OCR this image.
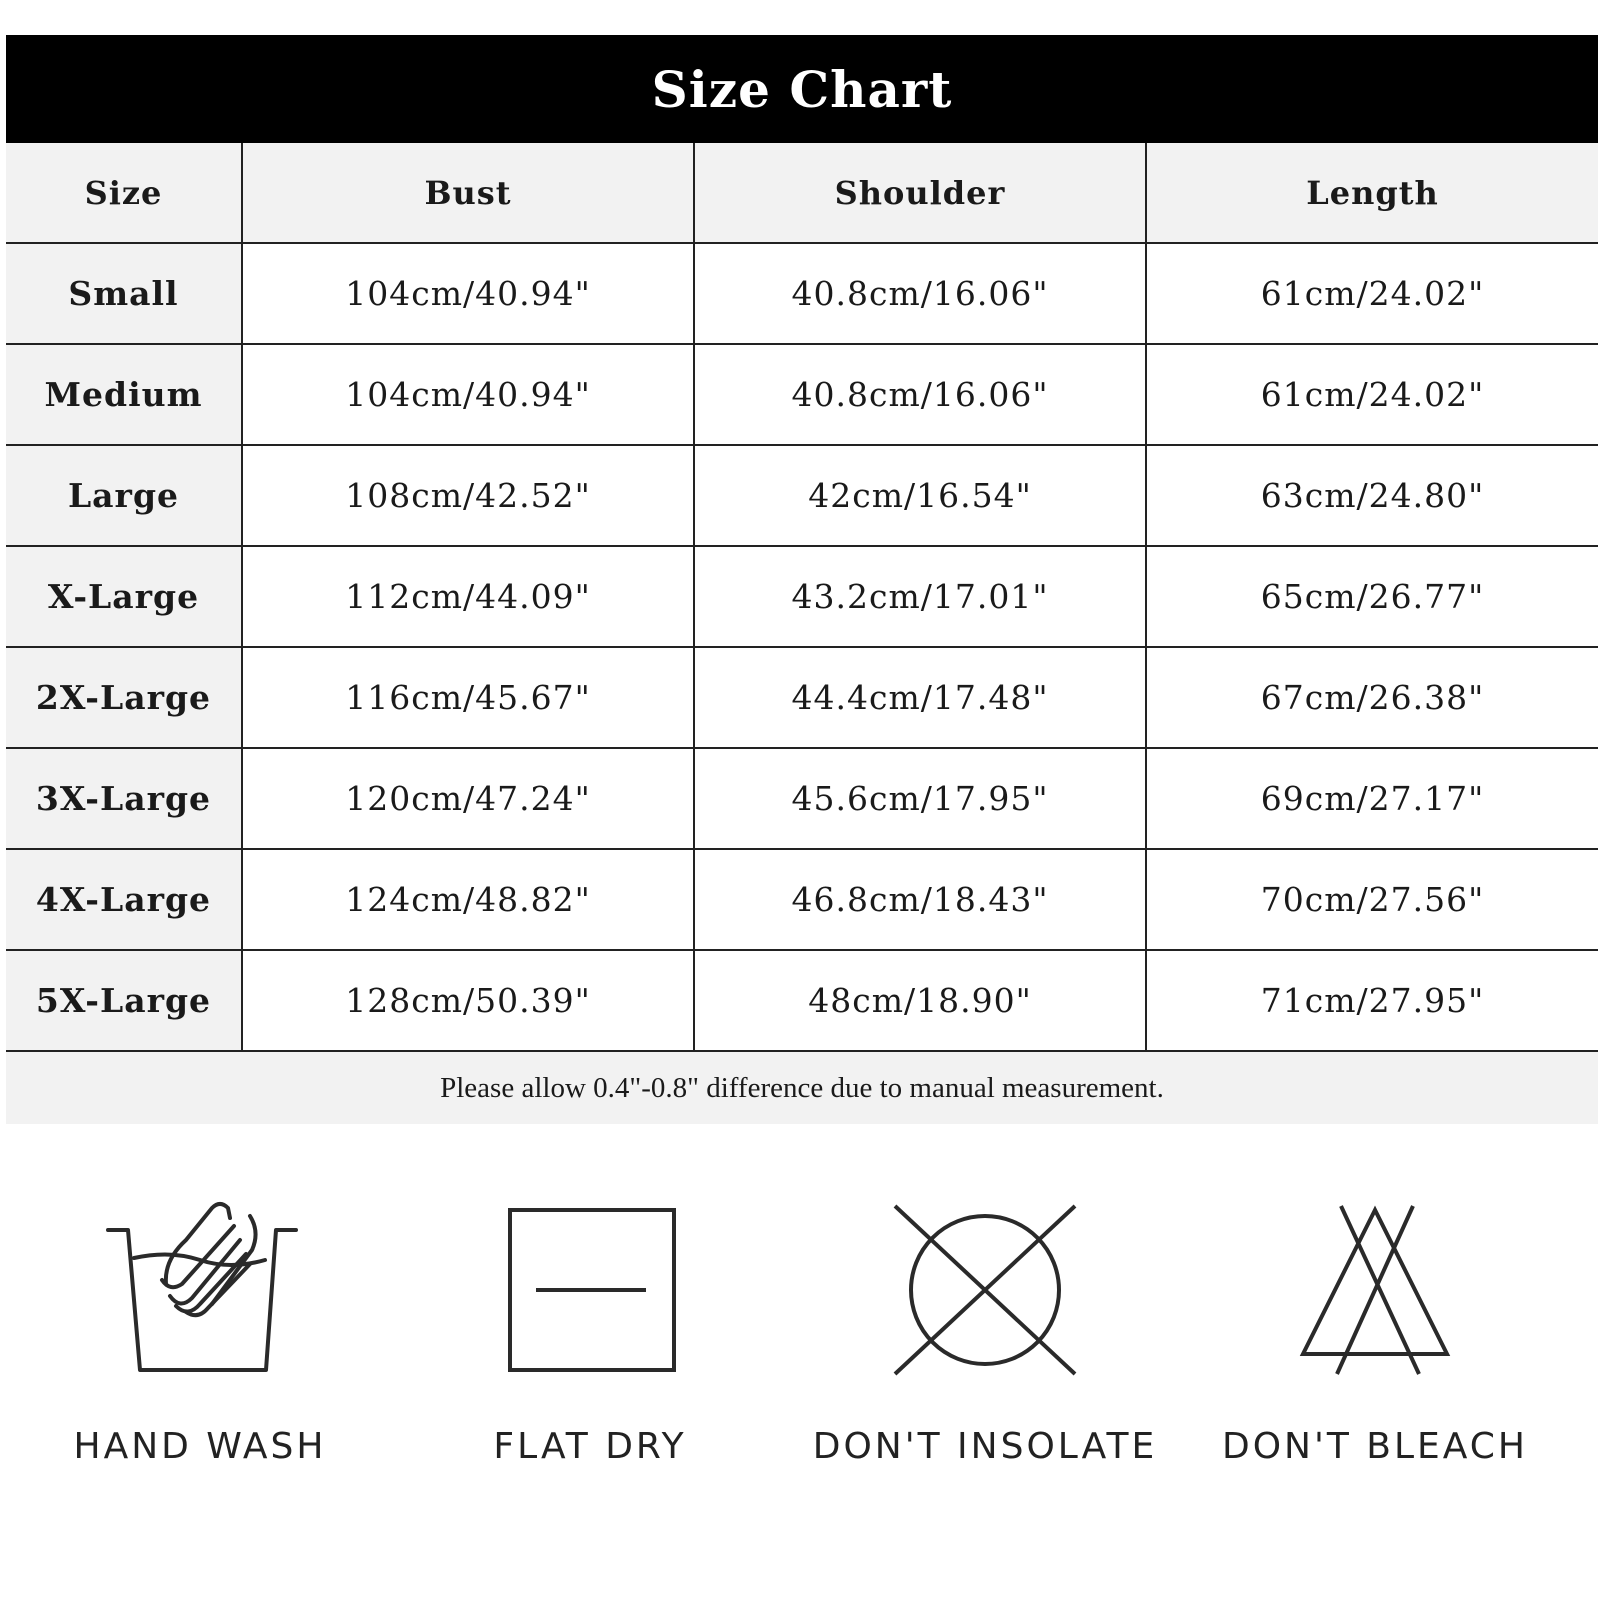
Size Chart
Size	Bust	Shoulder	Length
Small	104cm/40.94"	40.8cm/16.06"	61cm/24.02"
Medium	104cm/40.94"	40.8cm/16.06"	61cm/24.02"
Large	108cm/42.52"	42cm/16.54"	63cm/24.80"
X-Large	112cm/44.09"	43.2cm/17.01"	65cm/26.77"
2X-Large	116cm/45.67"	44.4cm/17.48"	67cm/26.38"
3X-Large	120cm/47.24"	45.6cm/17.95"	69cm/27.17"
4X-Large	124cm/48.82"	46.8cm/18.43"	70cm/27.56"
5X-Large	128cm/50.39"	48cm/18.90"	71cm/27.95"
Please allow 0.4"-0.8" difference due to manual measurement.
HAND WASH	FLAT DRY	DON'T INSOLATE	DON'T BLEACH
